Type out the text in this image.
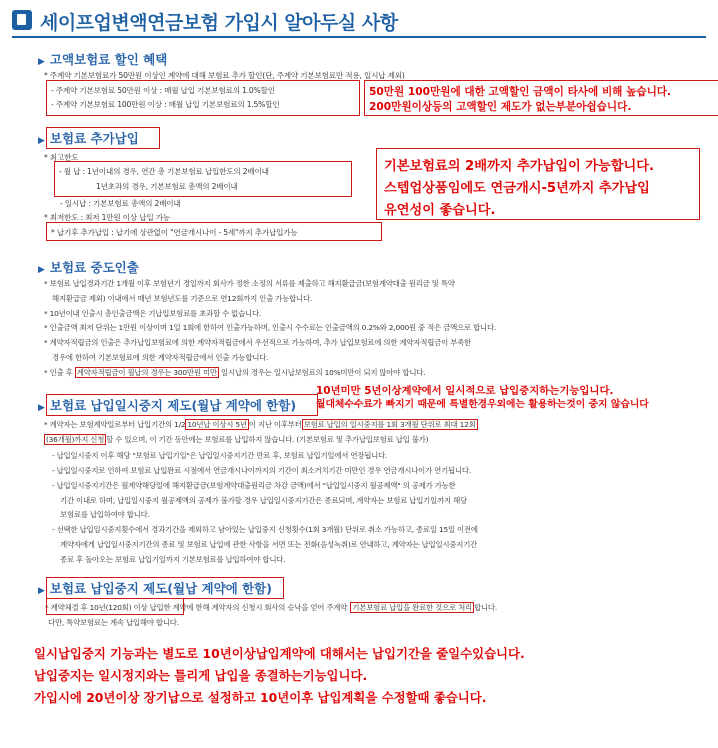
세이프업변액연금보험 가입시 알아두실 사항
▶ 고액보험료 할인 혜택
* 주계약 기본보험료가 50만원 이상인 계약에 대해 보험료 추가 할인(단, 주계약 기본보험료만 적용, 일시납 제외)
- 주계약 기본보험료 50만원 이상 : 매월 납입 기본보험료의 1.0%할인
- 주계약 기본보험료 100만원 이상 : 매월 납입 기본보험료의 1.5%할인
50만원 100만원에 대한 고액할인 금액이 타사에 비해 높습니다.
200만원이상등의 고액할인 제도가 없는부분아쉽습니다.
▶ 보험료 추가납입
* 최고한도
- 월 납 : 1년이내의 경우, 연간 총 기본보험료 납입한도의 2배이내
1년초과의 경우, 기본보험료 총액의 2배이내
- 일시납 : 기본보험료 총액의 2배이내
* 최저한도 : 최저 1만원 이상 납입 가능
* 납기후 추가납입 : 납기에 상관없이 "연금개시나이 - 5세"까지 추가납입가능
기본보험료의 2배까지 추가납입이 가능합니다.
스텝업상품임에도 연금개시-5년까지 추가납입
유연성이 좋습니다.
▶ 보험료 중도인출
* 보험료 납입경과기간 1개월 이후 보험년기 경일까지 회사가 정한 소정의 서류를 제출하고 해지환급금(보험계약대출 원리금 및 특약
해지환급금 제외) 이내에서 매년 보험년도를 기준으로 연12회까지 인출 가능합니다.
* 10년이내 인출시 총인출금액은 기납입보험료를 초과할 수 없습니다.
* 인출금액 최저 단위는 1만원 이상이며 1일 1회에 한하여 인출가능하며, 인출시 수수료는 인출금액의 0.2%와 2,000원 중 적은 금액으로 합니다.
* 계약자적립금의 인출은 추가납입보험료에 의한 계약자적립금에서 우선적으로 가능하며, 추가 납입보험료에 의한 계약자적립금이 부족한
경우에 한하여 기본보험료에 의한 계약자적립금에서 인출 가능합니다.
* 인출 후 계약자적립금이 월납의 경우는 300만원 미만 일시납의 경우는 일시납보험료의 10%미만이 되지 않아야 합니다.
10년미만 5년이상계약에서 일시적으로 납입중지하는기능입니다.
월대체수수료가 빠지기 때문에 특별한경우외에는 활용하는것이 중지 않습니다
▶ 보험료 납입일시중지 제도(월납 계약에 한함)
* 계약자는 보험계약일로부터 납입기간의 1/2 10년납 이상시 5년 이 지난 이후부터 보험료 납입의 일시중지를 1회 3개월 단위로 최대 12회
(36개월)까지 신청 할 수 있으며, 이 기간 동안에는 보험료를 납입하지 않습니다. (기본보험료 및 추가납입보험료 납입 불가)
- 납입일시중지 이후 해당 "보험료 납입기일"은 납입일시중지기간 만료 후, 보험료 납입기일에서 연장됩니다.
- 납입일시중지로 인하여 보험료 납입완료 시점에서 연금개시나이까지의 기간이 최소거치기간 미만인 경우 연금개시나이가 연기됩니다.
- 납입일시중지기간은 월계약해당일에 해지환급금(보험계약대출원리금 차감 금액)에서 "납입일시중지 월공제액" 의 공제가 가능한
기간 이내로 하며, 납입일시중지 월공제액의 공제가 불가할 경우 납입일시중지기간은 종료되며, 계약자는 보험료 납입기일까지 해당
보험료를 납입하여야 합니다.
- 선택한 납입일시중지횟수에서 경과기간을 제외하고 남아있는 납입중지 신청횟수(1회 3개월) 단위로 취소 가능하고, 종료일 15일 이전에
계약자에게 납입일시중지기간의 종료 및 보험료 납입에 관한 사항을 서면 또는 전화(음성녹취)로 안내하고, 계약자는 납입일시중지기간
종료 후 돌아오는 보험료 납입기일까지 기본보험료를 납입하여야 합니다.
▶ 보험료 납입중지 제도(월납 계약에 한함)
* 계약체결 후 10년(120회) 이상 납입한 계약에 한해 계약자의 신청시 회사의 승낙을 얻어 주계약 기본보험료 납입을 완료한 것으로 처리 합니다.
다만, 특약보험료는 계속 납입해야 합니다.
일시납입중지 기능과는 별도로 10년이상납입계약에 대해서는 납입기간을 줄일수있습니다.
납입중지는 일시정지와는 틀리게 납입을 종결하는기능입니다.
가입시에 20년이상 장기납으로 설정하고 10년이후 납입계획을 수정할때 좋습니다.
